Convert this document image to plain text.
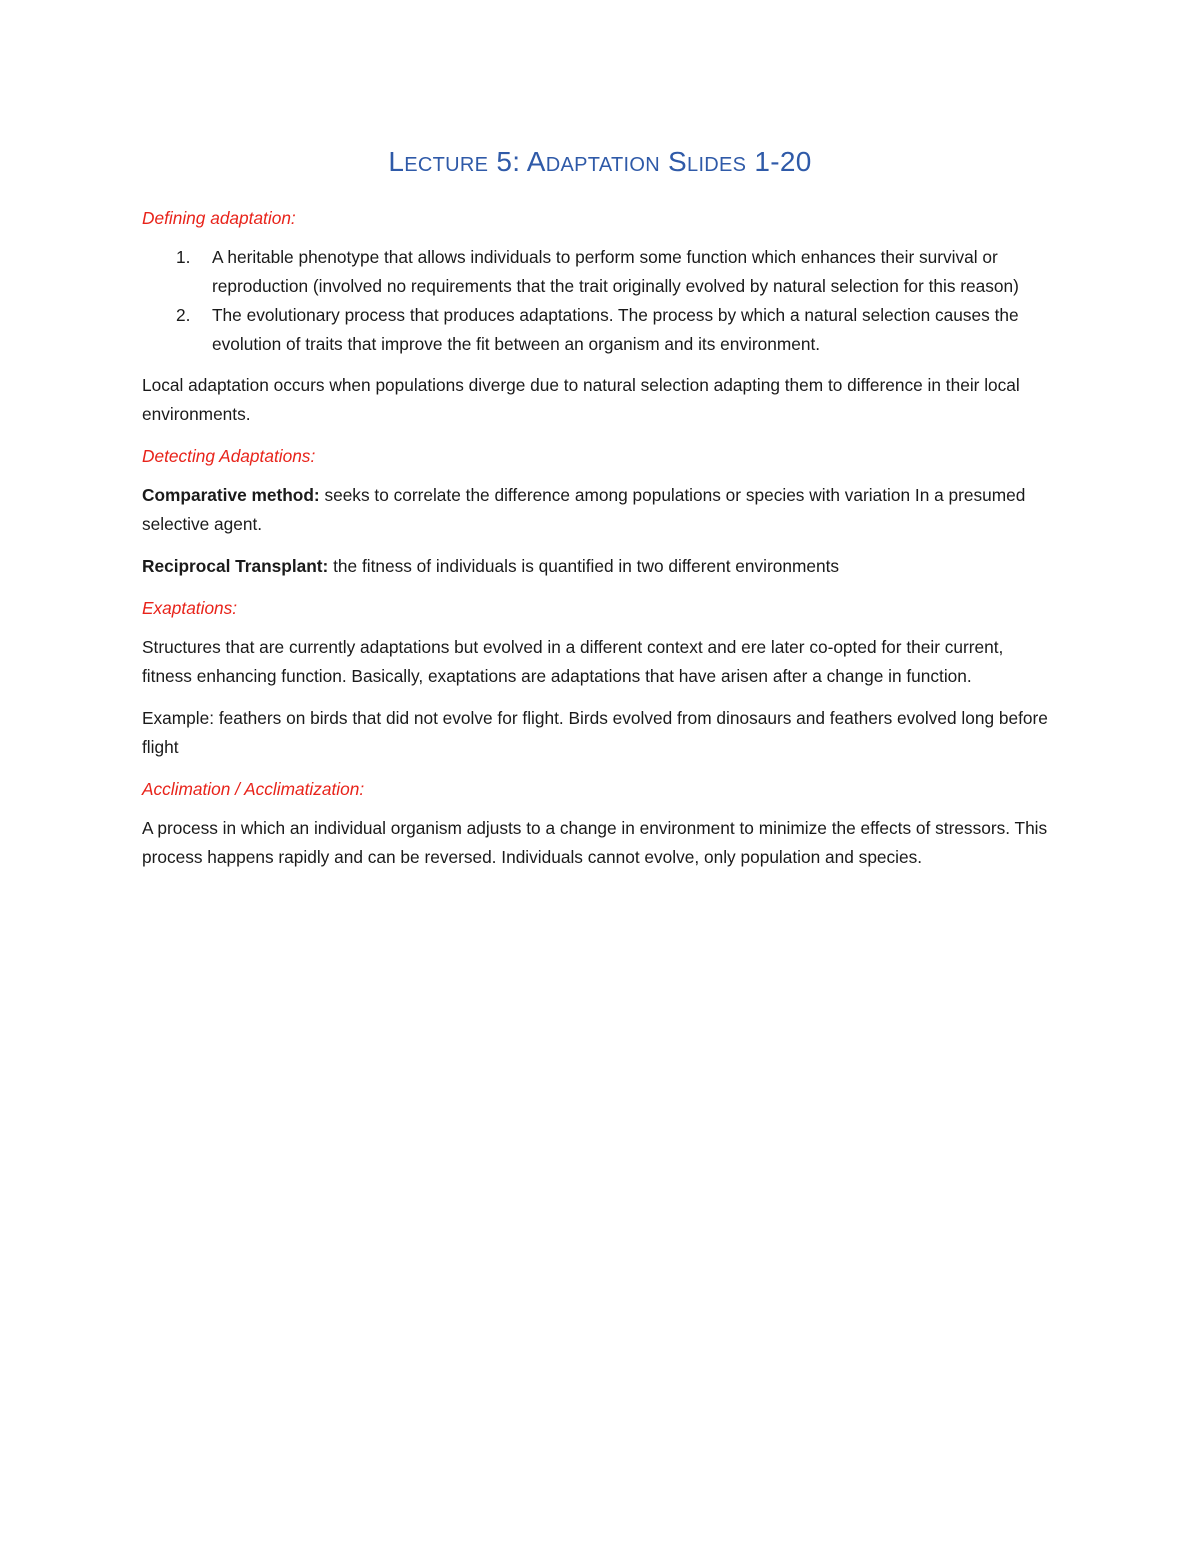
Lecture 5: Adaptation Slides 1-20
Defining adaptation:
1.	A heritable phenotype that allows individuals to perform some function which enhances their survival or reproduction (involved no requirements that the trait originally evolved by natural selection for this reason)
2.	The evolutionary process that produces adaptations. The process by which a natural selection causes the evolution of traits that improve the fit between an organism and its environment.

Local adaptation occurs when populations diverge due to natural selection adapting them to difference in their local environments.

Detecting Adaptations:

Comparative method: seeks to correlate the difference among populations or species with variation In a presumed selective agent.

Reciprocal Transplant: the fitness of individuals is quantified in two different environments

Exaptations:

Structures that are currently adaptations but evolved in a different context and ere later co-opted for their current, fitness enhancing function. Basically, exaptations are adaptations that have arisen after a change in function.

Example: feathers on birds that did not evolve for flight. Birds evolved from dinosaurs and feathers evolved long before flight

Acclimation / Acclimatization:

A process in which an individual organism adjusts to a change in environment to minimize the effects of stressors. This process happens rapidly and can be reversed. Individuals cannot evolve, only population and species.
